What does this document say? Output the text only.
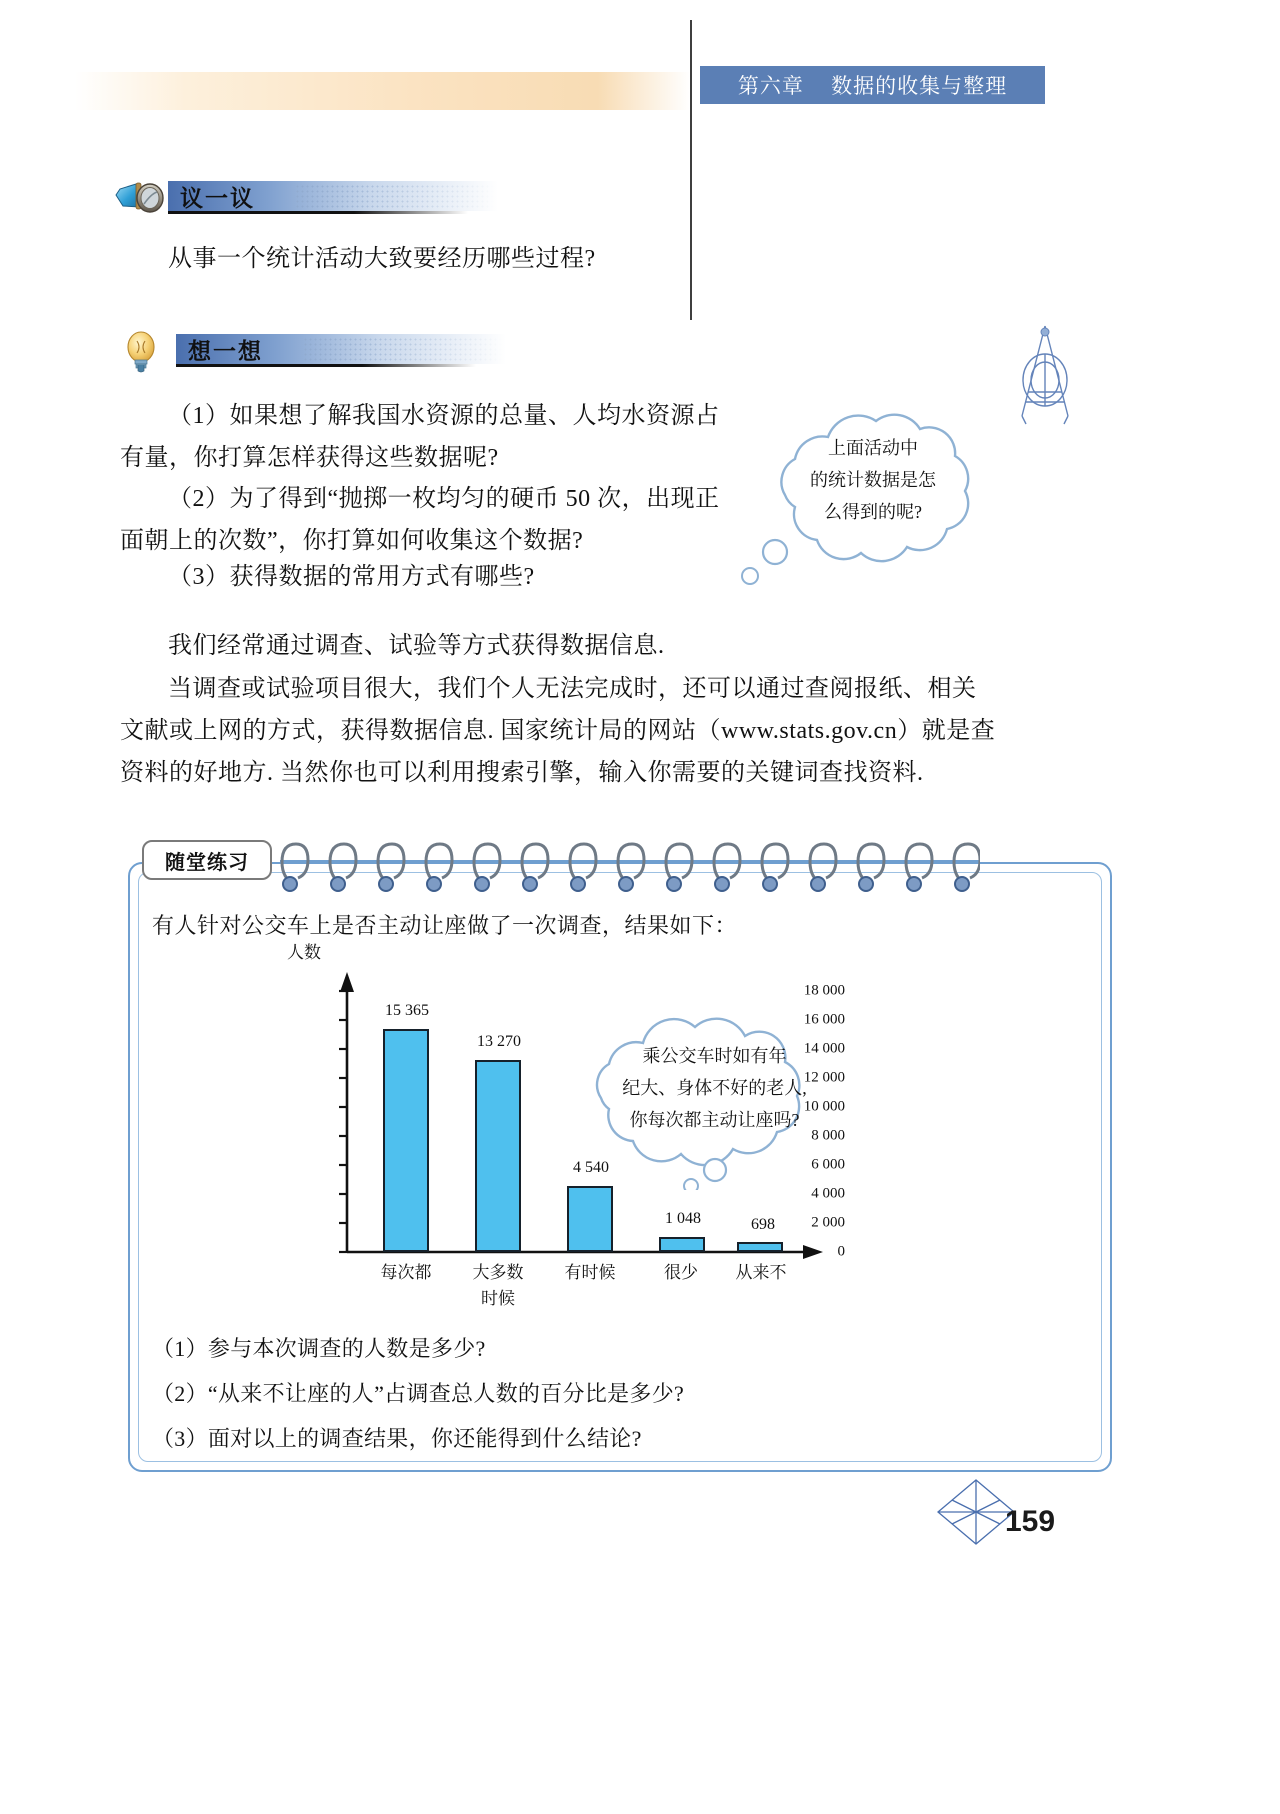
第六章    数据的收集与整理
议一议
从事一个统计活动大致要经历哪些过程?
想一想
（1）如果想了解我国水资源的总量、人均水资源占有量，你打算怎样获得这些数据呢?
（2）为了得到“抛掷一枚均匀的硬币 50 次，出现正面朝上的次数”，你打算如何收集这个数据?
（3）获得数据的常用方式有哪些?
上面活动中
的统计数据是怎
么得到的呢?
我们经常通过调查、试验等方式获得数据信息.
当调查或试验项目很大，我们个人无法完成时，还可以通过查阅报纸、相关文献或上网的方式，获得数据信息. 国家统计局的网站（www.stats.gov.cn）就是查资料的好地方. 当然你也可以利用搜索引擎，输入你需要的关键词查找资料.
随堂练习
有人针对公交车上是否主动让座做了一次调查，结果如下：
人数
0
2 000
4 000
6 000
8 000
10 000
12 000
14 000
16 000
18 000
15 365
13 270
4 540
1 048	698
每次都	大多数
时候
有时候	很少	从来不
乘公交车时如有年
纪大、身体不好的老人,
你每次都主动让座吗?
（1）参与本次调查的人数是多少?
（2）“从来不让座的人”占调查总人数的百分比是多少?
（3）面对以上的调查结果，你还能得到什么结论?
159
